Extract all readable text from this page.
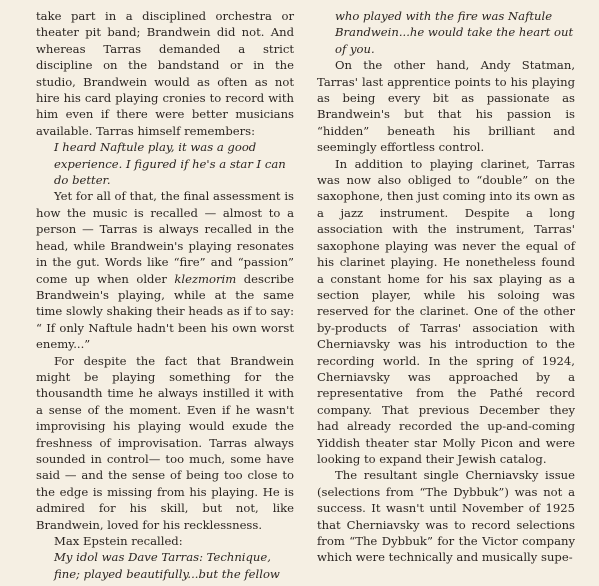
take part in a disciplined orchestra or theater pit band; Brandwein did not. And whereas Tarras demanded a strict discipline on the bandstand or in the studio, Brandwein would as often as not hire his card playing cronies to record with him even if there were better musicians available. Tarras himself remembers:

I heard Naftule play, it was a good experience. I figured if he's a star I can do better.

Yet for all of that, the final assessment is how the music is recalled — almost to a person — Tarras is always recalled in the head, while Brandwein's playing resonates in the gut. Words like “fire” and “passion” come up when older klezmorim describe Brandwein's playing, while at the same time slowly shaking their heads as if to say: “ If only Naftule hadn't been his own worst enemy...”

For despite the fact that Brandwein might be playing something for the thousandth time he always instilled it with a sense of the moment. Even if he wasn't improvising his playing would exude the freshness of improvisation. Tarras always sounded in control— too much, some have said — and the sense of being too close to the edge is missing from his playing. He is admired for his skill, but not, like Brandwein, loved for his recklessness.

Max Epstein recalled:

My idol was Dave Tarras: Technique, fine; played beautifully...but the fellow

who played with the fire was Naftule Brandwein...he would take the heart out of you.

On the other hand, Andy Statman, Tarras' last apprentice points to his playing as being every bit as passionate as Brandwein's but that his passion is “hidden” beneath his brilliant and seemingly effortless control.

In addition to playing clarinet, Tarras was now also obliged to “double” on the saxophone, then just coming into its own as a jazz instrument. Despite a long association with the instrument, Tarras' saxophone playing was never the equal of his clarinet playing. He nonetheless found a constant home for his sax playing as a section player, while his soloing was reserved for the clarinet. One of the other by-products of Tarras' association with Cherniavsky was his introduction to the recording world. In the spring of 1924, Cherniavsky was approached by a representative from the Pathé record company. That previous December they had already recorded the up-and-coming Yiddish theater star Molly Picon and were looking to expand their Jewish catalog.

The resultant single Cherniavsky issue (selections from “The Dybbuk”) was not a success. It wasn't until November of 1925 that Cherniavsky was to record selections from “The Dybbuk” for the Victor company which were technically and musically supe-
